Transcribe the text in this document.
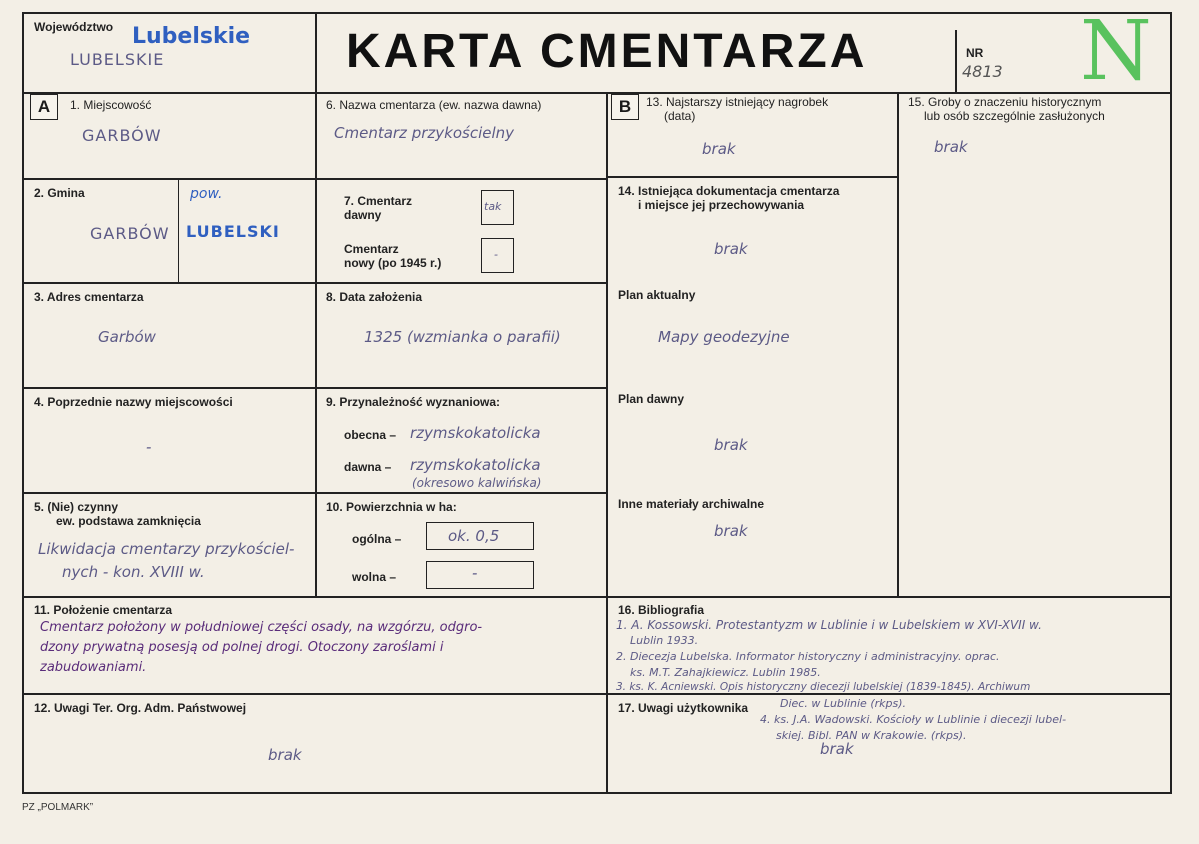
Województwo Lubelskie
LUBELSKIE	KARTA CMENTARZA	NR
4813 N
A	B
1. Miejscowość
GARBÓW
2. Gmina
GARBÓW
pow.
LUBELSKI
3. Adres cmentarza
Garbów
4. Poprzednie nazwy miejscowości
-
5. (Nie) czynny
ew. podstawa zamknięcia
Likwidacja cmentarzy przykościel-
nych - kon. XVIII w.
6. Nazwa cmentarza (ew. nazwa dawna)
Cmentarz przykościelny
7. Cmentarz
dawny
tak
Cmentarz
nowy (po 1945 r.)
-
8. Data założenia
1325 (wzmianka o parafii)
9. Przynależność wyznaniowa:
obecna – rzymskokatolicka
dawna – rzymskokatolicka
(okresowo kalwińska)
10. Powierzchnia w ha:
ogólna –	ok. 0,5
wolna –	-
11. Położenie cmentarza
Cmentarz położony w południowej części osady, na wzgórzu, odgro-
dzony prywatną posesją od polnej drogi. Otoczony zaroślami i
zabudowaniami.
12. Uwagi Ter. Org. Adm. Państwowej
brak
13. Najstarszy istniejący nagrobek
(data)
brak
14. Istniejąca dokumentacja cmentarza
i miejsce jej przechowywania
brak
Plan aktualny
Mapy geodezyjne
Plan dawny
brak
Inne materiały archiwalne
brak
15. Groby o znaczeniu historycznym
lub osób szczególnie zasłużonych
brak
16. Bibliografia
1. A. Kossowski. Protestantyzm w Lublinie i w Lubelskiem w XVI-XVII w.
Lublin 1933.
2. Diecezja Lubelska. Informator historyczny i administracyjny. oprac.
ks. M.T. Zahajkiewicz. Lublin 1985.
3. ks. K. Acniewski. Opis historyczny diecezji lubelskiej (1839-1845). Archiwum
17. Uwagi użytkownika	Diec. w Lublinie (rkps).
4. ks. J.A. Wadowski. Kościoły w Lublinie i diecezji lubel-
skiej. Bibl. PAN w Krakowie. (rkps).
brak
PZ „POLMARK”
